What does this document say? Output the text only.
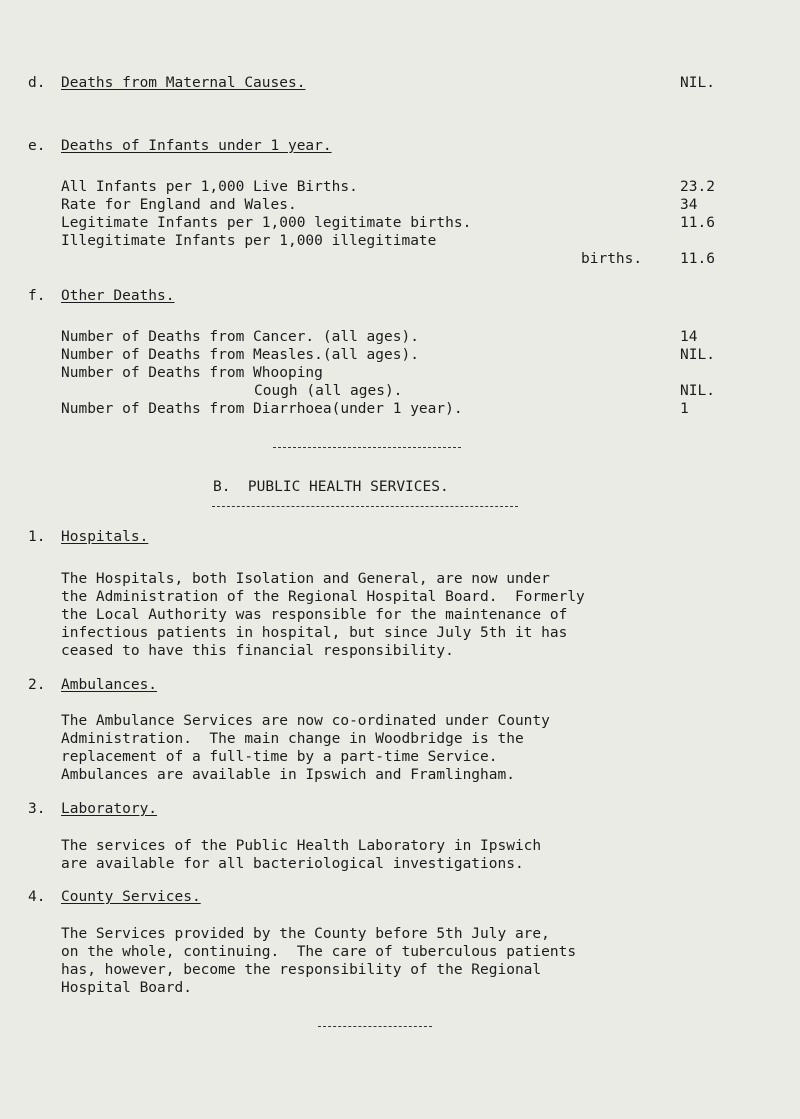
d. Deaths from Maternal Causes.	NIL.
e. Deaths of Infants under 1 year.
All Infants per 1,000 Live Births.	23.2
Rate for England and Wales.	34
Legitimate Infants per 1,000 legitimate births.	11.6
Illegitimate Infants per 1,000 illegitimate
births.	11.6
f. Other Deaths.
Number of Deaths from Cancer. (all ages).	14
Number of Deaths from Measles.(all ages).	NIL.
Number of Deaths from Whooping
Cough (all ages).	NIL.
Number of Deaths from Diarrhoea(under 1 year).	1
B.  PUBLIC HEALTH SERVICES.
1. Hospitals.
The Hospitals, both Isolation and General, are now under
the Administration of the Regional Hospital Board.  Formerly
the Local Authority was responsible for the maintenance of
infectious patients in hospital, but since July 5th it has
ceased to have this financial responsibility.
2. Ambulances.
The Ambulance Services are now co-ordinated under County
Administration.  The main change in Woodbridge is the
replacement of a full-time by a part-time Service.
Ambulances are available in Ipswich and Framlingham.
3. Laboratory.
The services of the Public Health Laboratory in Ipswich
are available for all bacteriological investigations.
4. County Services.
The Services provided by the County before 5th July are,
on the whole, continuing.  The care of tuberculous patients
has, however, become the responsibility of the Regional
Hospital Board.
